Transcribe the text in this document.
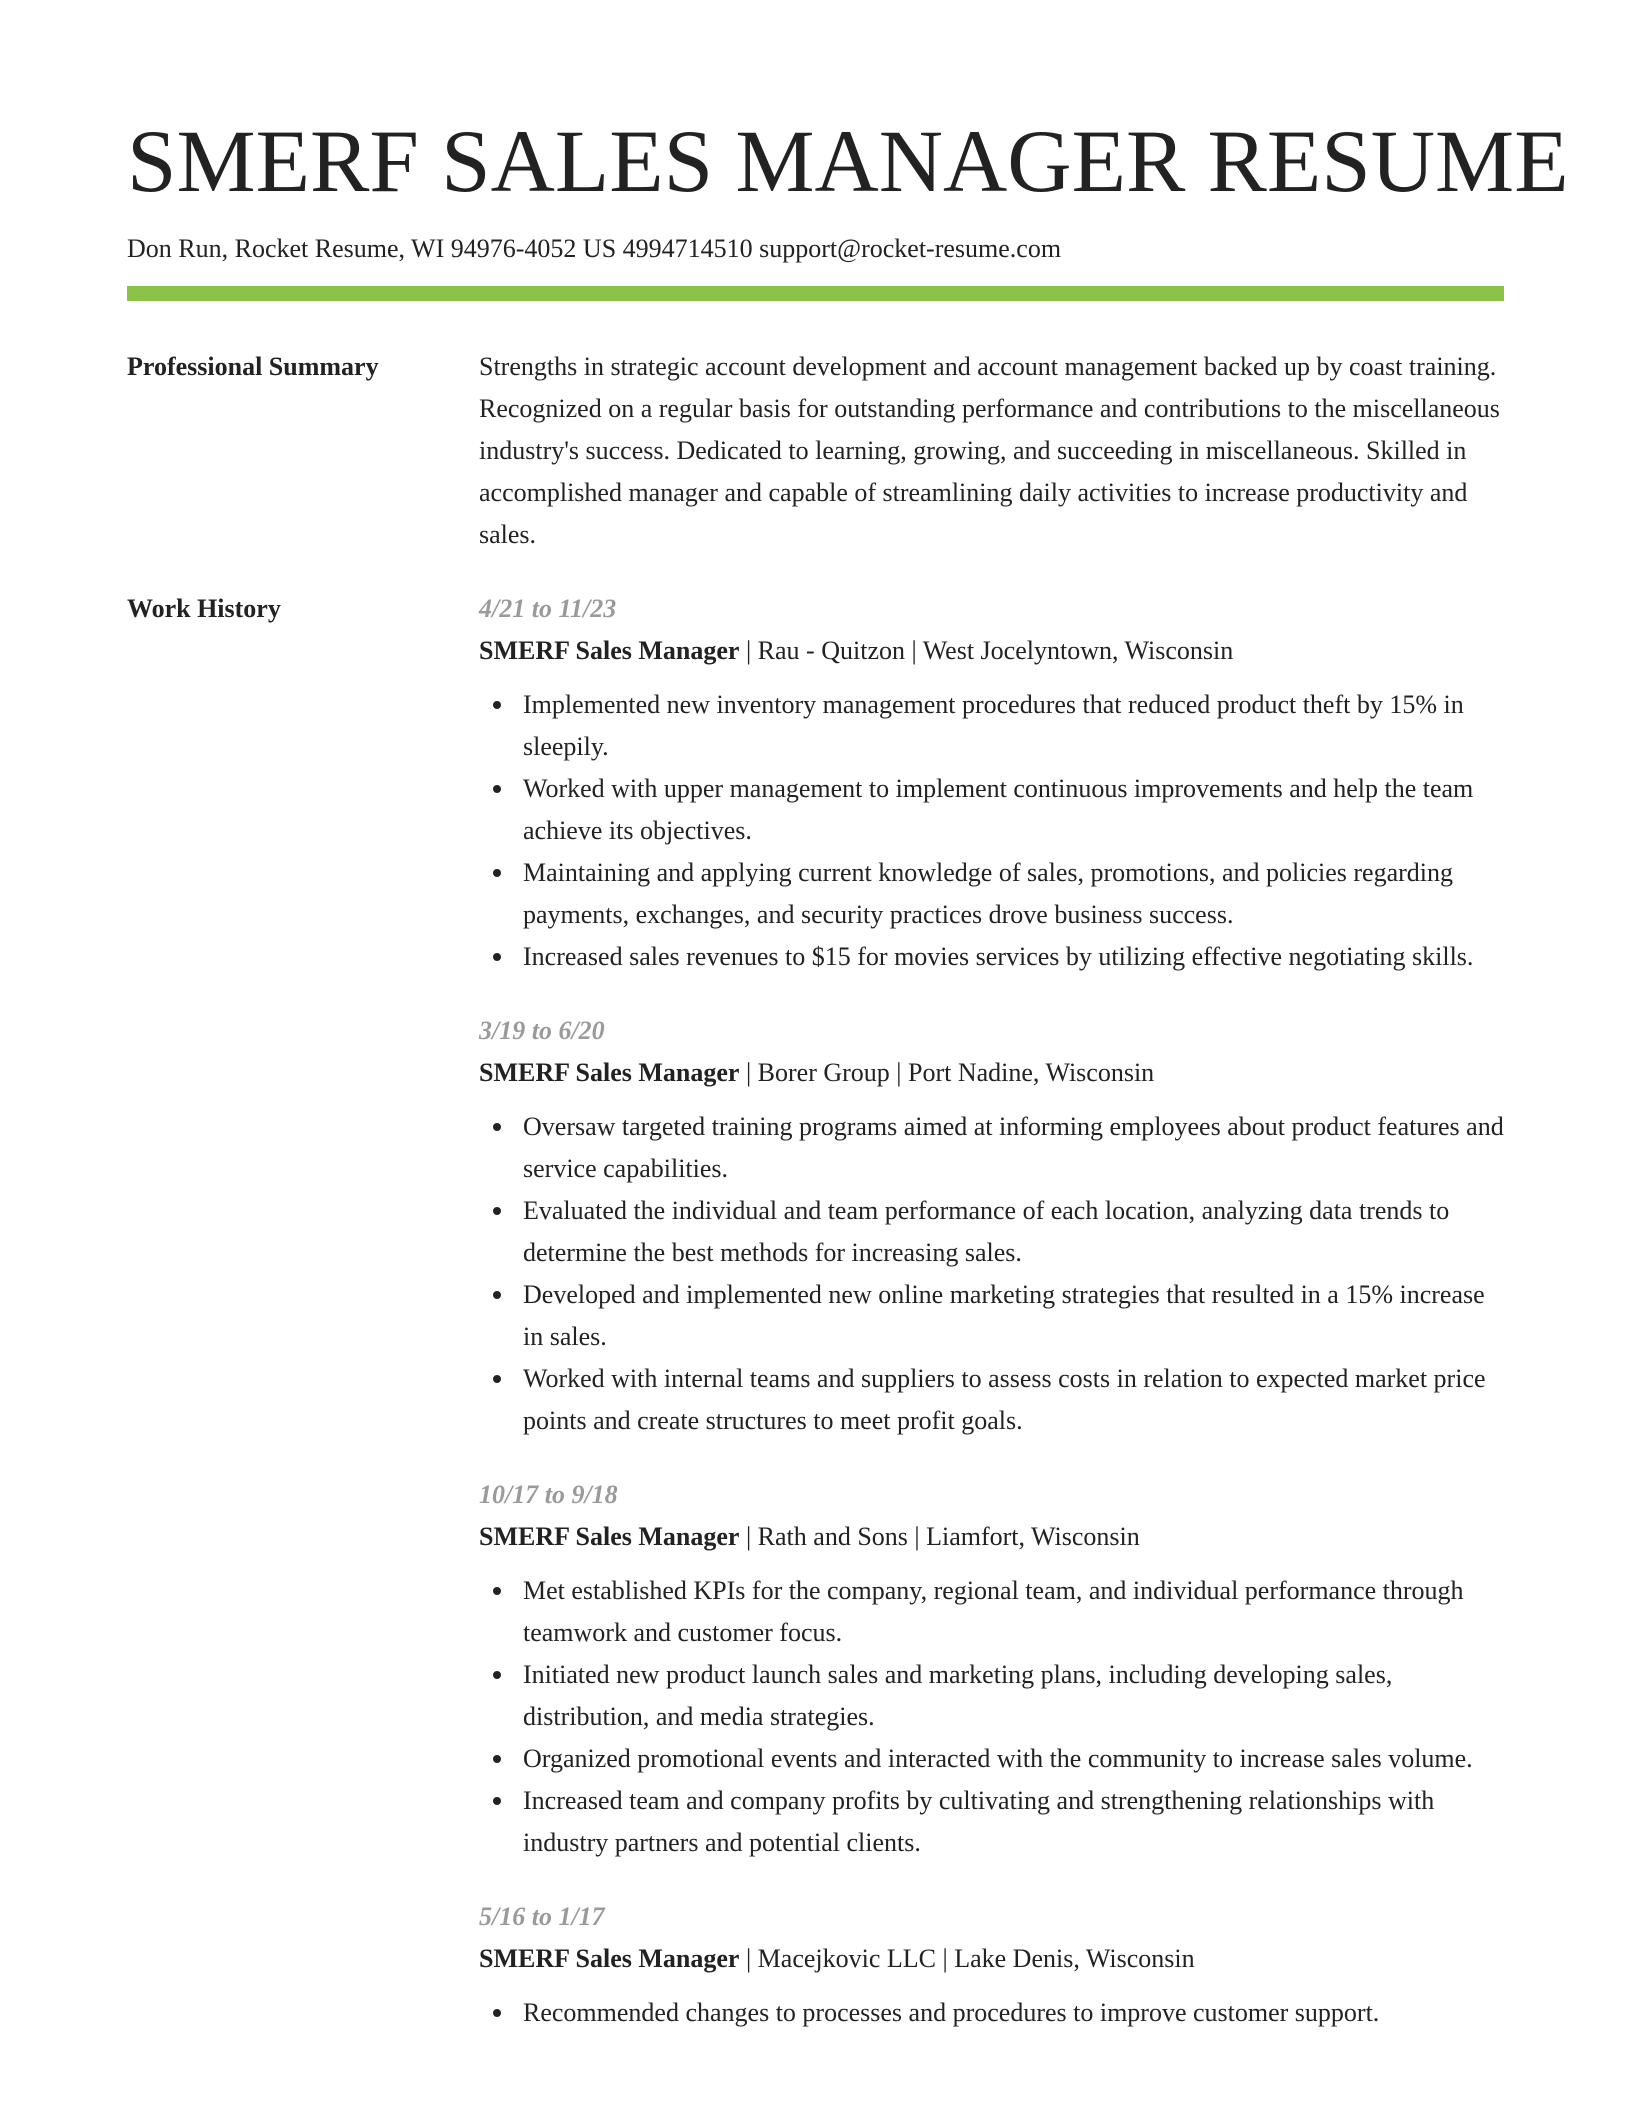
SMERF SALES MANAGER RESUME
Don Run, Rocket Resume, WI 94976-4052 US 4994714510 support@rocket-resume.com
Professional Summary	Strengths in strategic account development and account management backed up by coast training. Recognized on a regular basis for outstanding performance and contributions to the miscellaneous industry's success. Dedicated to learning, growing, and succeeding in miscellaneous. Skilled in accomplished manager and capable of streamlining daily activities to increase productivity and sales.

Work History	4/21 to 11/23
SMERF Sales Manager | Rau - Quitzon | West Jocelyntown, Wisconsin
Implemented new inventory management procedures that reduced product theft by 15% in sleepily.
Worked with upper management to implement continuous improvements and help the team achieve its objectives.
Maintaining and applying current knowledge of sales, promotions, and policies regarding payments, exchanges, and security practices drove business success.
Increased sales revenues to $15 for movies services by utilizing effective negotiating skills.
3/19 to 6/20
SMERF Sales Manager | Borer Group | Port Nadine, Wisconsin
Oversaw targeted training programs aimed at informing employees about product features and service capabilities.
Evaluated the individual and team performance of each location, analyzing data trends to determine the best methods for increasing sales.
Developed and implemented new online marketing strategies that resulted in a 15% increase in sales.
Worked with internal teams and suppliers to assess costs in relation to expected market price points and create structures to meet profit goals.
10/17 to 9/18
SMERF Sales Manager | Rath and Sons | Liamfort, Wisconsin
Met established KPIs for the company, regional team, and individual performance through teamwork and customer focus.
Initiated new product launch sales and marketing plans, including developing sales, distribution, and media strategies.
Organized promotional events and interacted with the community to increase sales volume.
Increased team and company profits by cultivating and strengthening relationships with industry partners and potential clients.
5/16 to 1/17
SMERF Sales Manager | Macejkovic LLC | Lake Denis, Wisconsin
Recommended changes to processes and procedures to improve customer support.
